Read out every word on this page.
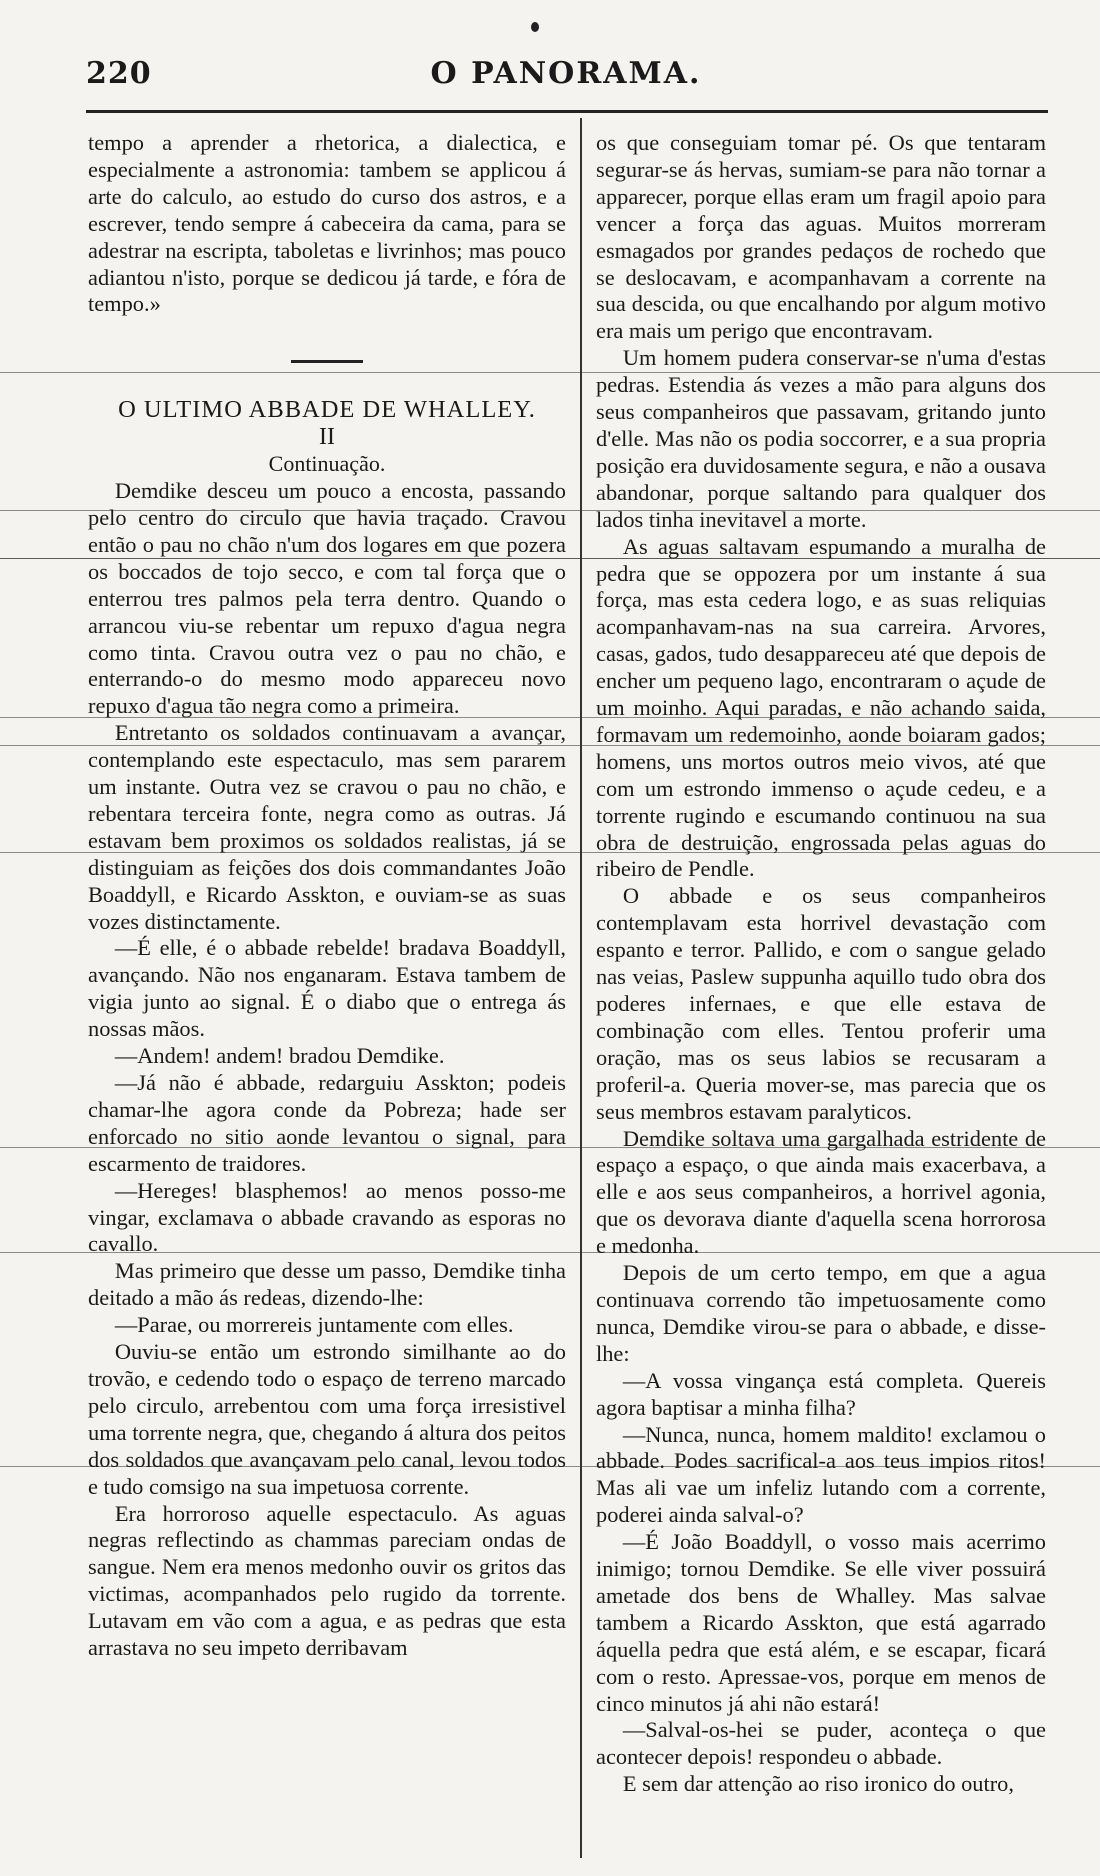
O PANORAMA.
220

tempo a aprender a rhetorica, a dialectica, e especialmente a astronomia: tambem se applicou á arte do calculo, ao estudo do curso dos astros, e a escrever, tendo sempre á cabeceira da cama, para se adestrar na escripta, taboletas e livrinhos; mas pouco adiantou n'isto, porque se dedicou já tarde, e fóra de tempo.»

O ULTIMO ABBADE DE WHALLEY.

II

Continuação.

Demdike desceu um pouco a encosta, passando pelo centro do circulo que havia traçado. Cravou então o pau no chão n'um dos logares em que pozera os boccados de tojo secco, e com tal força que o enterrou tres palmos pela terra dentro. Quando o arrancou viu-se rebentar um repuxo d'agua negra como tinta. Cravou outra vez o pau no chão, e enterrando-o do mesmo modo appareceu novo repuxo d'agua tão negra como a primeira.

Entretanto os soldados continuavam a avançar, contemplando este espectaculo, mas sem pararem um instante. Outra vez se cravou o pau no chão, e rebentara terceira fonte, negra como as outras. Já estavam bem proximos os soldados realistas, já se distinguiam as feições dos dois commandantes João Boaddyll, e Ricardo Asskton, e ouviam-se as suas vozes distinctamente.

—É elle, é o abbade rebelde! bradava Boaddyll, avançando. Não nos enganaram. Estava tambem de vigia junto ao signal. É o diabo que o entrega ás nossas mãos.

—Andem! andem! bradou Demdike.

—Já não é abbade, redarguiu Asskton; podeis chamar-lhe agora conde da Pobreza; hade ser enforcado no sitio aonde levantou o signal, para escarmento de traidores.

—Hereges! blasphemos! ao menos posso-me vingar, exclamava o abbade cravando as esporas no cavallo.

Mas primeiro que desse um passo, Demdike tinha deitado a mão ás redeas, dizendo-lhe:

—Parae, ou morrereis juntamente com elles.

Ouviu-se então um estrondo similhante ao do trovão, e cedendo todo o espaço de terreno marcado pelo circulo, arrebentou com uma força irresistivel uma torrente negra, que, chegando á altura dos peitos dos soldados que avançavam pelo canal, levou todos e tudo comsigo na sua impetuosa corrente.

Era horroroso aquelle espectaculo. As aguas negras reflectindo as chammas pareciam ondas de sangue. Nem era menos medonho ouvir os gritos das victimas, acompanhados pelo rugido da torrente. Lutavam em vão com a agua, e as pedras que esta arrastava no seu impeto derribavam

os que conseguiam tomar pé. Os que tentaram segurar-se ás hervas, sumiam-se para não tornar a apparecer, porque ellas eram um fragil apoio para vencer a força das aguas. Muitos morreram esmagados por grandes pedaços de rochedo que se deslocavam, e acompanhavam a corrente na sua descida, ou que encalhando por algum motivo era mais um perigo que encontravam.

Um homem pudera conservar-se n'uma d'estas pedras. Estendia ás vezes a mão para alguns dos seus companheiros que passavam, gritando junto d'elle. Mas não os podia soccorrer, e a sua propria posição era duvidosamente segura, e não a ousava abandonar, porque saltando para qualquer dos lados tinha inevitavel a morte.

As aguas saltavam espumando a muralha de pedra que se oppozera por um instante á sua força, mas esta cedera logo, e as suas reliquias acompanhavam-nas na sua carreira. Arvores, casas, gados, tudo desappareceu até que depois de encher um pequeno lago, encontraram o açude de um moinho. Aqui paradas, e não achando saida, formavam um redemoinho, aonde boiaram gados; homens, uns mortos outros meio vivos, até que com um estrondo immenso o açude cedeu, e a torrente rugindo e escumando continuou na sua obra de destruição, engrossada pelas aguas do ribeiro de Pendle.

O abbade e os seus companheiros contemplavam esta horrivel devastação com espanto e terror. Pallido, e com o sangue gelado nas veias, Paslew suppunha aquillo tudo obra dos poderes infernaes, e que elle estava de combinação com elles. Tentou proferir uma oração, mas os seus labios se recusaram a proferil-a. Queria mover-se, mas parecia que os seus membros estavam paralyticos.

Demdike soltava uma gargalhada estridente de espaço a espaço, o que ainda mais exacerbava, a elle e aos seus companheiros, a horrivel agonia, que os devorava diante d'aquella scena horrorosa e medonha.

Depois de um certo tempo, em que a agua continuava correndo tão impetuosamente como nunca, Demdike virou-se para o abbade, e disse-lhe:

—A vossa vingança está completa. Quereis agora baptisar a minha filha?

—Nunca, nunca, homem maldito! exclamou o abbade. Podes sacrifical-a aos teus impios ritos! Mas ali vae um infeliz lutando com a corrente, poderei ainda salval-o?

—É João Boaddyll, o vosso mais acerrimo inimigo; tornou Demdike. Se elle viver possuirá ametade dos bens de Whalley. Mas salvae tambem a Ricardo Asskton, que está agarrado áquella pedra que está além, e se escapar, ficará com o resto. Apressae-vos, porque em menos de cinco minutos já ahi não estará!

—Salval-os-hei se puder, aconteça o que acontecer depois! respondeu o abbade.

E sem dar attenção ao riso ironico do outro,
